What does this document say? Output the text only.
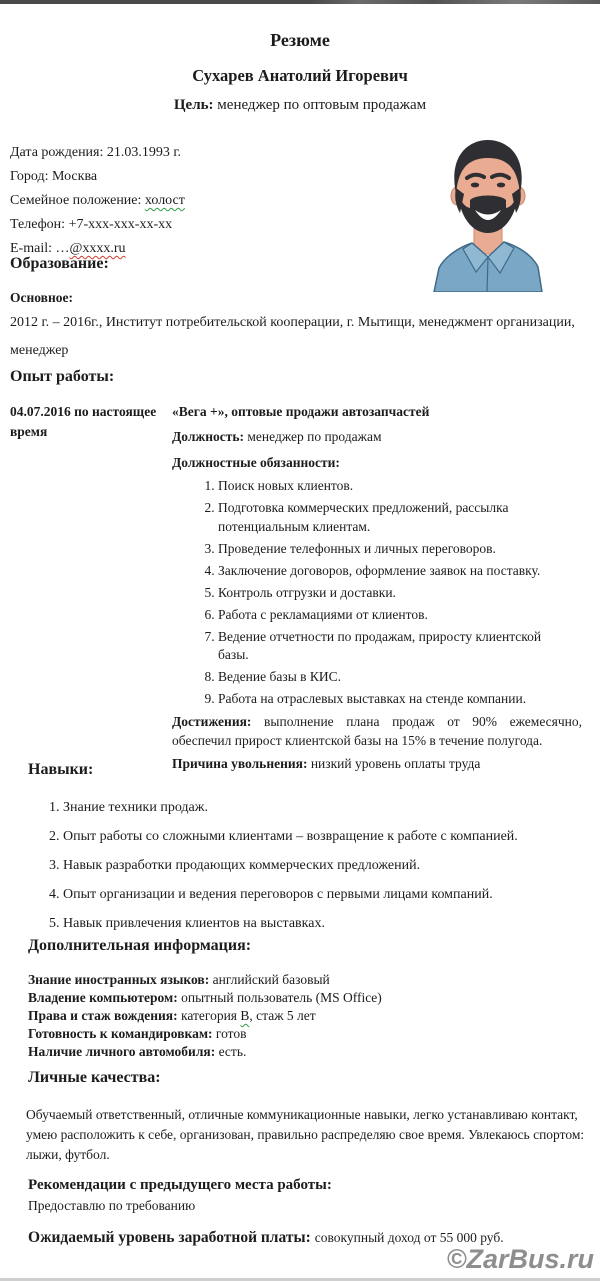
Резюме
Сухарев Анатолий Игоревич
Цель: менеджер по оптовым продажам
Дата рождения: 21.03.1993 г.
Город: Москва
Семейное положение: холост
Телефон: +7-xxx-xxx-xx-xx
E-mail: …@xxxx.ru
Образование:
Основное:
2012 г. – 2016г., Институт потребительской кооперации, г. Мытищи, менеджмент организации, менеджер
Опыт работы:
04.07.2016 по настоящее время
«Вега +», оптовые продажи автозапчастей
Должность: менеджер по продажам
Должностные обязанности:
1. Поиск новых клиентов.
2. Подготовка коммерческих предложений, рассылка потенциальным клиентам.
3. Проведение телефонных и личных переговоров.
4. Заключение договоров, оформление заявок на поставку.
5. Контроль отгрузки и доставки.
6. Работа с рекламациями от клиентов.
7. Ведение отчетности по продажам, приросту клиентской базы.
8. Ведение базы в КИС.
9. Работа на отраслевых выставках на стенде компании.
Достижения: выполнение плана продаж от 90% ежемесячно, обеспечил прирост клиентской базы на 15% в течение полугода.
Причина увольнения: низкий уровень оплаты труда
Навыки:
1. Знание техники продаж.
2. Опыт работы со сложными клиентами – возвращение к работе с компанией.
3. Навык разработки продающих коммерческих предложений.
4. Опыт организации и ведения переговоров с первыми лицами компаний.
5. Навык привлечения клиентов на выставках.
Дополнительная информация:
Знание иностранных языков: английский базовый
Владение компьютером: опытный пользователь (MS Office)
Права и стаж вождения: категория В, стаж 5 лет
Готовность к командировкам: готов
Наличие личного автомобиля: есть.
Личные качества:
Обучаемый ответственный, отличные коммуникационные навыки, легко устанавливаю контакт, умею расположить к себе, организован, правильно распределяю свое время. Увлекаюсь спортом: лыжи, футбол.
Рекомендации с предыдущего места работы:
Предоставлю по требованию
Ожидаемый уровень заработной платы: совокупный доход от 55 000 руб.
©ZarBus.ru
